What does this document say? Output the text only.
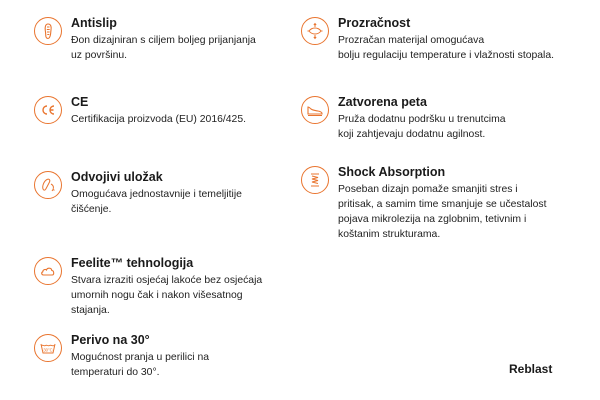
Antislip
Đon dizajniran s ciljem boljeg prijanjanja
uz površinu.
Prozračnost
Prozračan materijal omogućava
bolju regulaciju temperature i vlažnosti stopala.
CE
Certifikacija proizvoda (EU) 2016/425.
Zatvorena peta
Pruža dodatnu podršku u trenutcima
koji zahtjevaju dodatnu agilnost.
Odvojivi uložak
Omogućava jednostavnije i temeljitije
čišćenje.
Shock Absorption
Poseban dizajn pomaže smanjiti stres i
pritisak, a samim time smanjuje se učestalost
pojava mikrolezija na zglobnim, tetivnim i
koštanim strukturama.
Feelite™ tehnologija
Stvara izraziti osjećaj lakoće bez osjećaja
umornih nogu čak i nakon višesatnog
stajanja.
30°C
Perivo na 30°
Mogućnost pranja u perilici na
temperaturi do 30°.	Reblast
